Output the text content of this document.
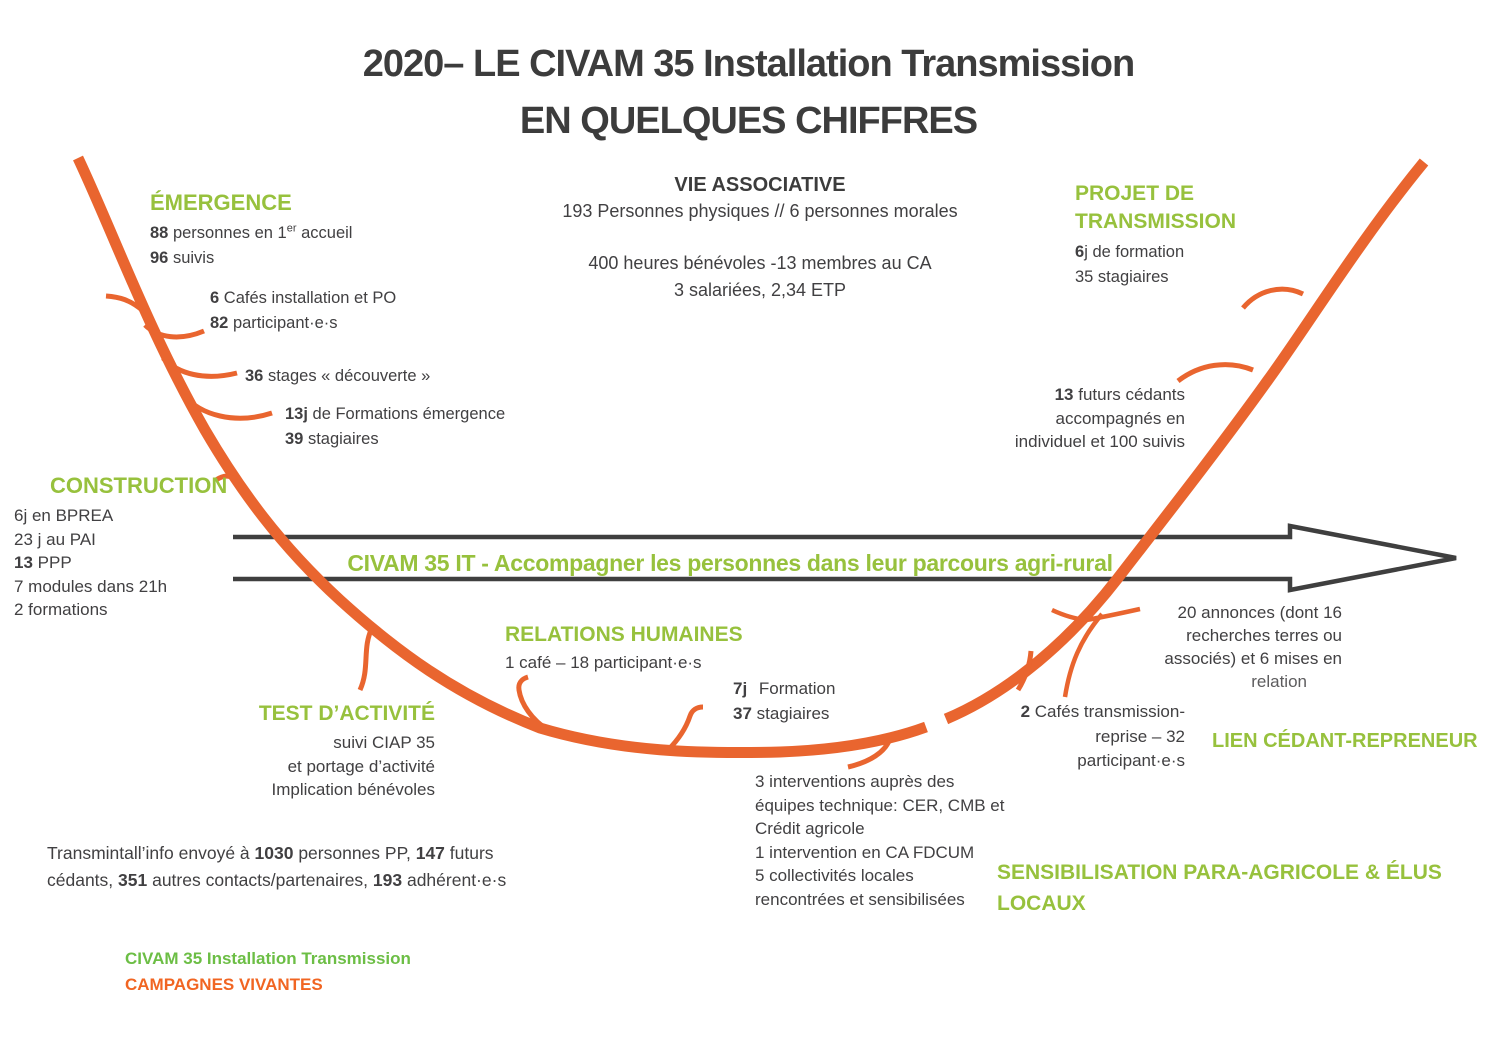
2020– LE CIVAM 35 Installation Transmission
EN QUELQUES CHIFFRES
ÉMERGENCE
88 personnes en 1er accueil
96 suivis
6 Cafés installation et PO
82 participant·e·s
36 stages « découverte »
13j de Formations émergence
39 stagiaires
VIE ASSOCIATIVE
193 Personnes physiques // 6 personnes morales
400 heures bénévoles -13 membres au CA
3 salariées, 2,34 ETP
PROJET DE
TRANSMISSION
6j de formation
35 stagiaires
13 futurs cédants
accompagnés en
individuel et 100 suivis
CONSTRUCTION
6j en BPREA
23 j au PAI
13 PPP
7 modules dans 21h
2 formations
CIVAM 35 IT - Accompagner les personnes dans leur parcours agri-rural
RELATIONS HUMAINES
1 café – 18 participant·e·s
7j Formation
37 stagiaires
TEST D’ACTIVITÉ
suivi CIAP 35
et portage d’activité
Implication bénévoles
2 Cafés transmission-
reprise – 32
participant·e·s
LIEN CÉDANT-REPRENEUR
20 annonces (dont 16
recherches terres ou
associés) et 6 mises en
relation
3 interventions auprès des
équipes technique: CER, CMB et
Crédit agricole
1 intervention en CA FDCUM
5 collectivités locales
rencontrées et sensibilisées
SENSIBILISATION PARA-AGRICOLE & ÉLUS
LOCAUX
Transmintall’info envoyé à 1030 personnes PP, 147 futurs cédants, 351 autres contacts/partenaires, 193 adhérent·e·s
CIVAM 35 Installation Transmission
CAMPAGNES VIVANTES
